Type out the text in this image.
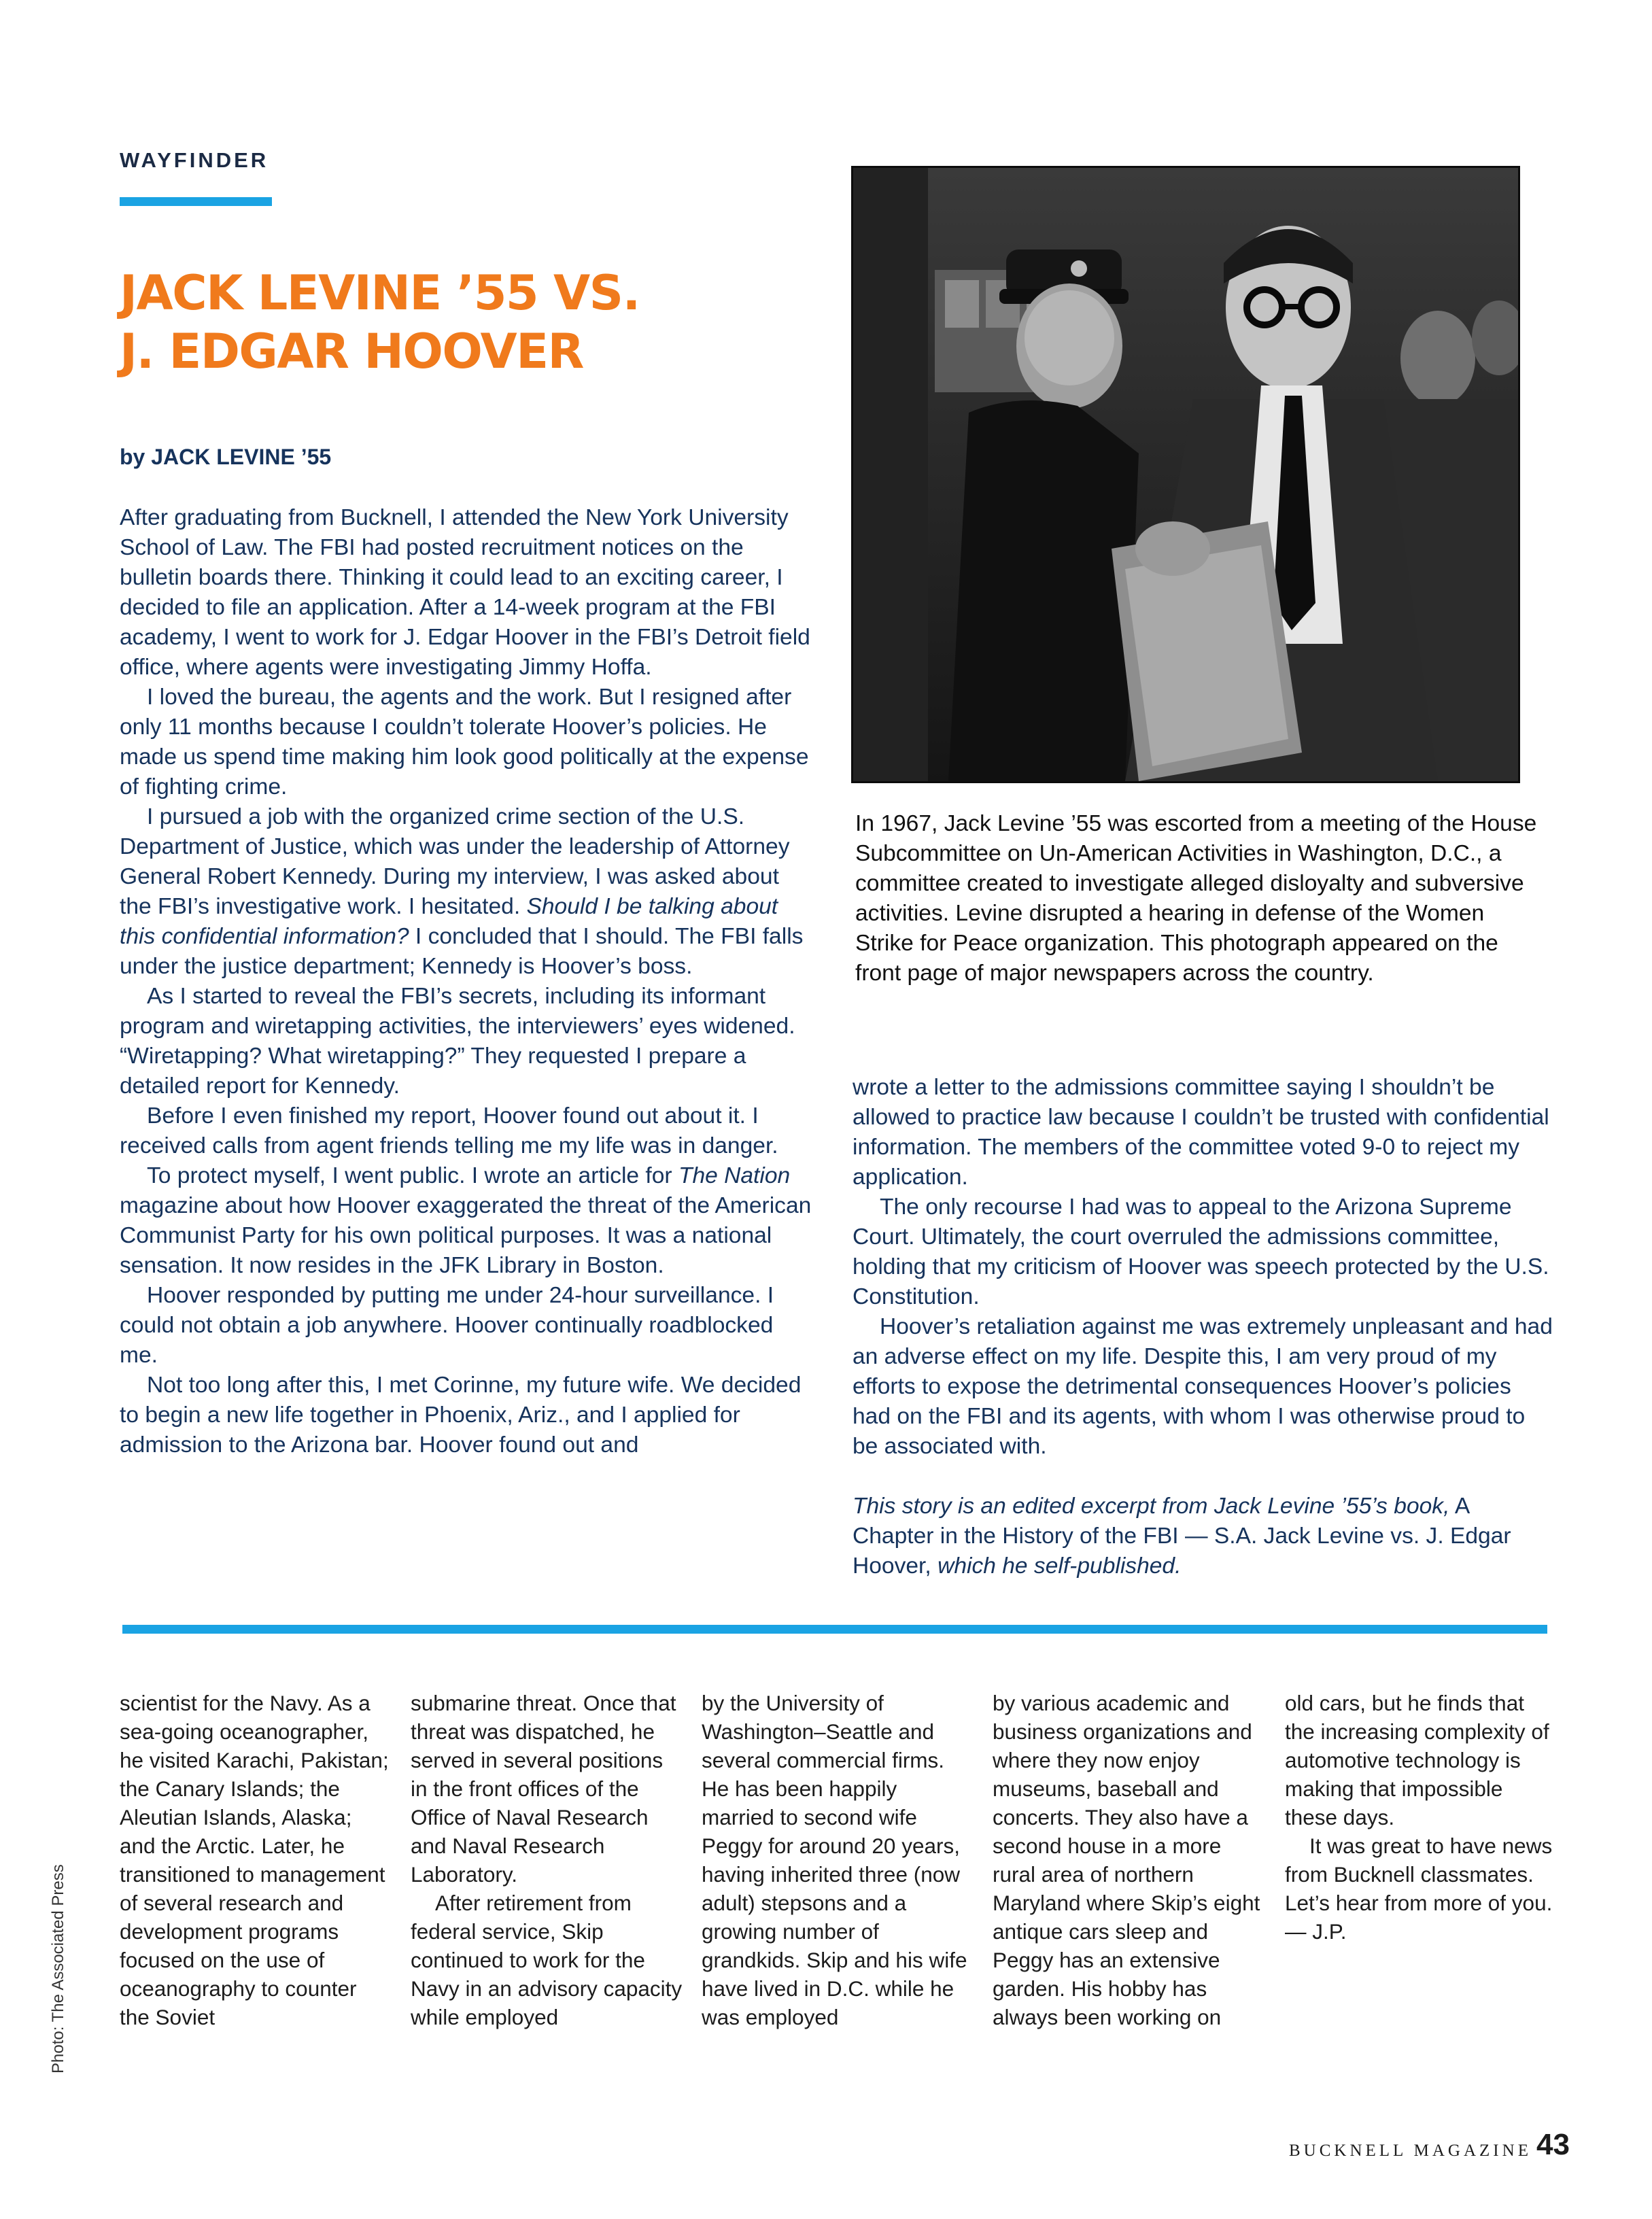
WAYFINDER
JACK LEVINE ’55 VS.
J. EDGAR HOOVER
by JACK LEVINE ’55

After graduating from Bucknell, I attended the New York University School of Law. The FBI had posted recruitment notices on the bulletin boards there. Thinking it could lead to an exciting career, I decided to file an application. After a 14-week program at the FBI academy, I went to work for J. Edgar Hoover in the FBI’s Detroit field office, where agents were investigating Jimmy Hoffa.

I loved the bureau, the agents and the work. But I resigned after only 11 months because I couldn’t tolerate Hoover’s policies. He made us spend time making him look good politically at the expense of fighting crime.

I pursued a job with the organized crime section of the U.S. Department of Justice, which was under the leadership of Attorney General Robert Kennedy. During my interview, I was asked about the FBI’s investigative work. I hesitated. Should I be talking about this confidential information? I concluded that I should. The FBI falls under the justice department; Kennedy is Hoover’s boss.

As I started to reveal the FBI’s secrets, including its informant program and wiretapping activities, the interviewers’ eyes widened. “Wiretapping? What wiretapping?” They requested I prepare a detailed report for Kennedy.

Before I even finished my report, Hoover found out about it. I received calls from agent friends telling me my life was in danger.

To protect myself, I went public. I wrote an article for The Nation magazine about how Hoover exaggerated the threat of the American Communist Party for his own political purposes. It was a national sensation. It now resides in the JFK Library in Boston.

Hoover responded by putting me under 24-hour surveillance. I could not obtain a job anywhere. Hoover continually roadblocked me.

Not too long after this, I met Corinne, my future wife. We decided to begin a new life together in Phoenix, Ariz., and I applied for admission to the Arizona bar. Hoover found out and

In 1967, Jack Levine ’55 was escorted from a meeting of the House Subcommittee on Un-American Activities in Washington, D.C., a committee created to investigate alleged disloyalty and subversive activities. Levine disrupted a hearing in defense of the Women Strike for Peace organization. This photograph appeared on the front page of major newspapers across the country.

wrote a letter to the admissions committee saying I shouldn’t be allowed to practice law because I couldn’t be trusted with confidential information. The members of the committee voted 9-0 to reject my application.

The only recourse I had was to appeal to the Arizona Supreme Court. Ultimately, the court overruled the admissions committee, holding that my criticism of Hoover was speech protected by the U.S. Constitution.

Hoover’s retaliation against me was extremely unpleasant and had an adverse effect on my life. Despite this, I am very proud of my efforts to expose the detrimental consequences Hoover’s policies had on the FBI and its agents, with whom I was otherwise proud to be associated with.

This story is an edited excerpt from Jack Levine ’55’s book, A Chapter in the History of the FBI — S.A. Jack Levine vs. J. Edgar Hoover, which he self-published.

scientist for the Navy. As a sea-going oceanographer, he visited Karachi, Pakistan; the Canary Islands; the Aleutian Islands, Alaska; and the Arctic. Later, he transitioned to management of several research and development programs focused on the use of oceanography to counter the Soviet

submarine threat. Once that threat was dispatched, he served in several positions in the front offices of the Office of Naval Research and Naval Research Laboratory.

After retirement from federal service, Skip continued to work for the Navy in an advisory capacity while employed

by the University of Washington–Seattle and several commercial firms. He has been happily married to second wife Peggy for around 20 years, having inherited three (now adult) stepsons and a growing number of grandkids. Skip and his wife have lived in D.C. while he was employed

by various academic and business organizations and where they now enjoy museums, baseball and concerts. They also have a second house in a more rural area of northern Maryland where Skip’s eight antique cars sleep and Peggy has an extensive garden. His hobby has always been working on

old cars, but he finds that the increasing complexity of automotive technology is making that impossible these days.

It was great to have news from Bucknell classmates. Let’s hear from more of you. — J.P.

Photo: The Associated Press
BUCKNELL MAGAZINE 43
